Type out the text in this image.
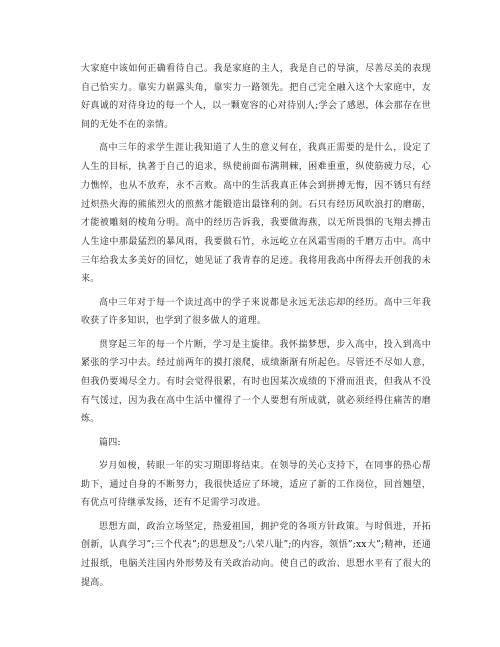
大家庭中该如何正确看待自己。我是家庭的主人，我是自己的导演，尽善尽美的表现自己恰实力。靠实力崭露头角，靠实力一路领先。把自己完全融入这个大家庭中，友好真诚的对待身边的每一个人，以一颗宽容的心对待别人;学会了感恩，体会那存在世间的无处不在的亲情。

高中三年的求学生涯让我知道了人生的意义何在，我真正需要的是什么，设定了人生的目标，执著于自己的追求，纵使前面布满荆棘，困难重重，纵使筋疲力尽，心力憔悴，也从不放弃，永不言败。高中的生活我真正体会到拼搏无悔，因不锈只有经过炽热火海的熊熊烈火的煎熬才能锻造出最锋利的剑。石只有经历风吹浪打的磨砺，才能被雕刻的棱角分明。高中的经历告诉我，我要做海燕，以无所畏惧的飞翔去搏击人生途中那最猛烈的暴风雨，我要做石竹，永远屹立在风霜雪雨的千磨万击中。高中三年给我太多美好的回忆，她见证了我青春的足迹。我将用我高中所得去开创我的未来。

高中三年对于每一个读过高中的学子来说都是永远无法忘却的经历。高中三年我收获了许多知识，也学到了很多做人的道理。

贯穿起三年的每一个片断，学习是主旋律。我怀揣梦想，步入高中，投入到高中紧张的学习中去。经过前两年的摸打滚爬，成绩渐渐有所起色。尽管还不尽如人意，但我仍要竭尽全力。有时会觉得很累，有时也因某次成绩的下滑而沮丧，但我从不没有气馁过，因为我在高中生活中懂得了一个人要想有所成就，就必须经得住痛苦的磨炼。

篇四:

岁月如梭，转眼一年的实习期即将结束。在领导的关心支持下，在同事的热心帮助下，通过自身的不断努力，我很快适应了环境，适应了新的工作岗位，回首翘望，有优点可待继承发扬，还有不足需学习改进。

思想方面，政治立场坚定，热爱祖国，拥护党的各项方针政策。与时俱进，开拓创新，认真学习”;三个代表”;的思想及”;八荣八耻”;的内容，领悟”;xx大”;精神，还通过报纸，电脑关注国内外形势及有关政治动向。使自己的政治、思想水平有了很大的提高。
